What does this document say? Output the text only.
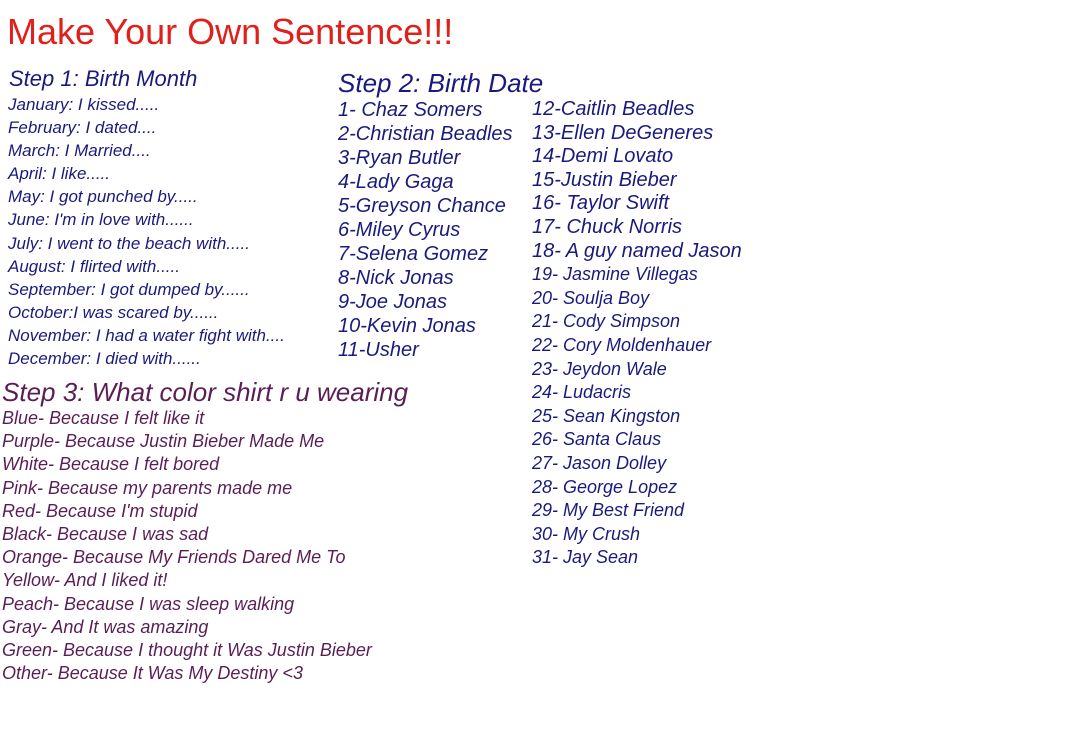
Make Your Own Sentence!!!
Step 1: Birth Month
January: I kissed.....
February: I dated....
March: I Married....
April: I like.....
May: I got punched by.....
June: I'm in love with......
July: I went to the beach with.....
August: I flirted with.....
September: I got dumped by......
October:I was scared by......
November: I had a water fight with....
December: I died with......
Step 2: Birth Date
1- Chaz Somers
2-Christian Beadles
3-Ryan Butler
4-Lady Gaga
5-Greyson Chance
6-Miley Cyrus
7-Selena Gomez
8-Nick Jonas
9-Joe Jonas
10-Kevin Jonas
11-Usher
12-Caitlin Beadles
13-Ellen DeGeneres
14-Demi Lovato
15-Justin Bieber
16- Taylor Swift
17- Chuck Norris
18- A guy named Jason
19- Jasmine Villegas
20- Soulja Boy
21- Cody Simpson
22- Cory Moldenhauer
23- Jeydon Wale
24- Ludacris
25- Sean Kingston
26- Santa Claus
27- Jason Dolley
28- George Lopez
29- My Best Friend
30- My Crush
31- Jay Sean
Step 3: What color shirt r u wearing
Blue- Because I felt like it
Purple- Because Justin Bieber Made Me
White- Because I felt bored
Pink- Because my parents made me
Red- Because I'm stupid
Black- Because I was sad
Orange- Because My Friends Dared Me To
Yellow- And I liked it!
Peach- Because I was sleep walking
Gray- And It was amazing
Green- Because I thought it Was Justin Bieber
Other- Because It Was My Destiny <3
